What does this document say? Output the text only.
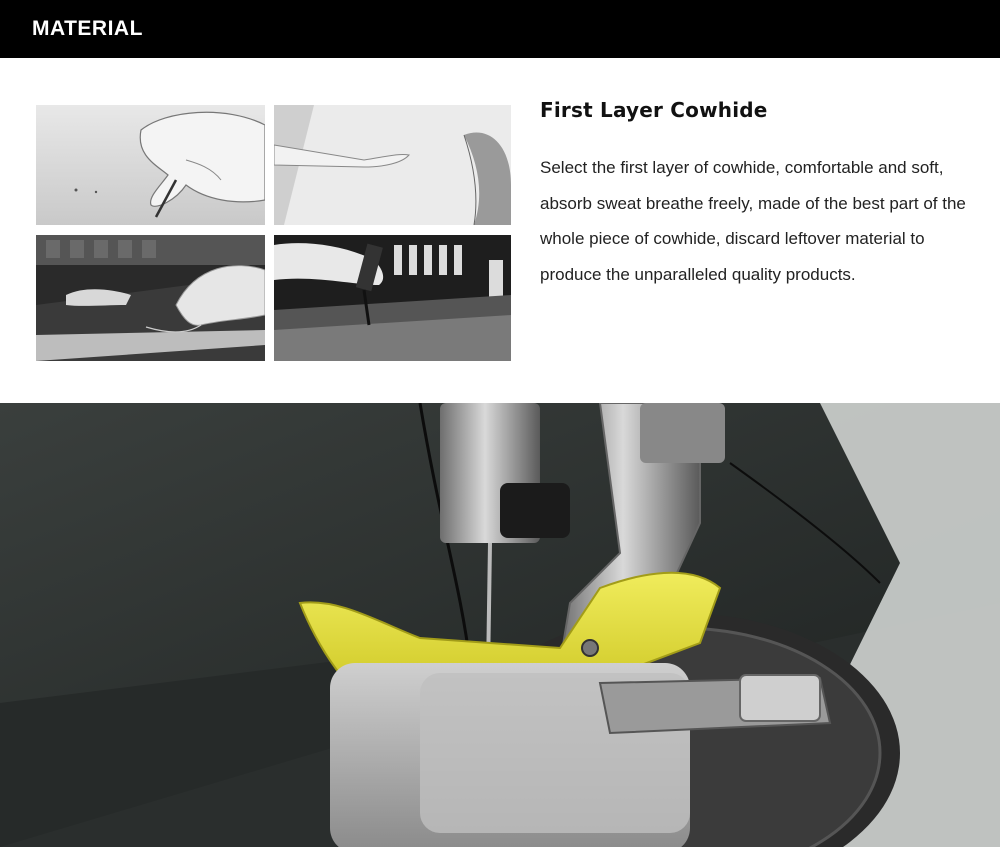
MATERIAL
First Layer Cowhide
Select the first layer of cowhide, comfortable and soft, absorb sweat breathe freely, made of the best part of the whole piece of cowhide, discard leftover material to produce the unparalleled quality products.
